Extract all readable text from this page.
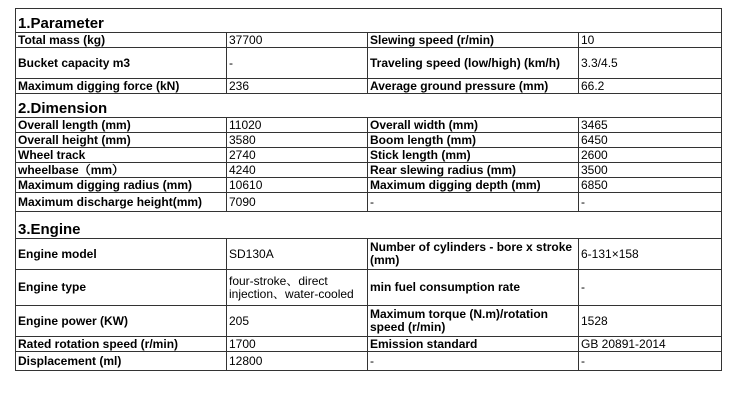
1.Parameter			
Total mass (kg)	37700	Slewing speed (r/min)	10
Bucket capacity m3	-	Traveling speed (low/high) (km/h)	3.3/4.5
Maximum digging force (kN)	236	Average ground pressure (mm)	66.2
2.Dimension			
Overall length (mm)	11020	Overall width (mm)	3465
Overall height (mm)	3580	Boom length (mm)	6450
Wheel track	2740	Stick length (mm)	2600
wheelbase（mm）	4240	Rear slewing radius (mm)	3500
Maximum digging radius (mm)	10610	Maximum digging depth (mm)	6850
Maximum discharge height(mm)	7090	-	-
3.Engine			
Engine model	SD130A	Number of cylinders - bore x stroke (mm)	6-131×158
Engine type	four-stroke、direct injection、water-cooled	min fuel consumption rate	-
Engine power (KW)	205	Maximum torque (N.m)/rotation speed (r/min)	1528
Rated rotation speed (r/min)	1700	Emission standard	GB 20891-2014
Displacement (ml)	12800	-	-
